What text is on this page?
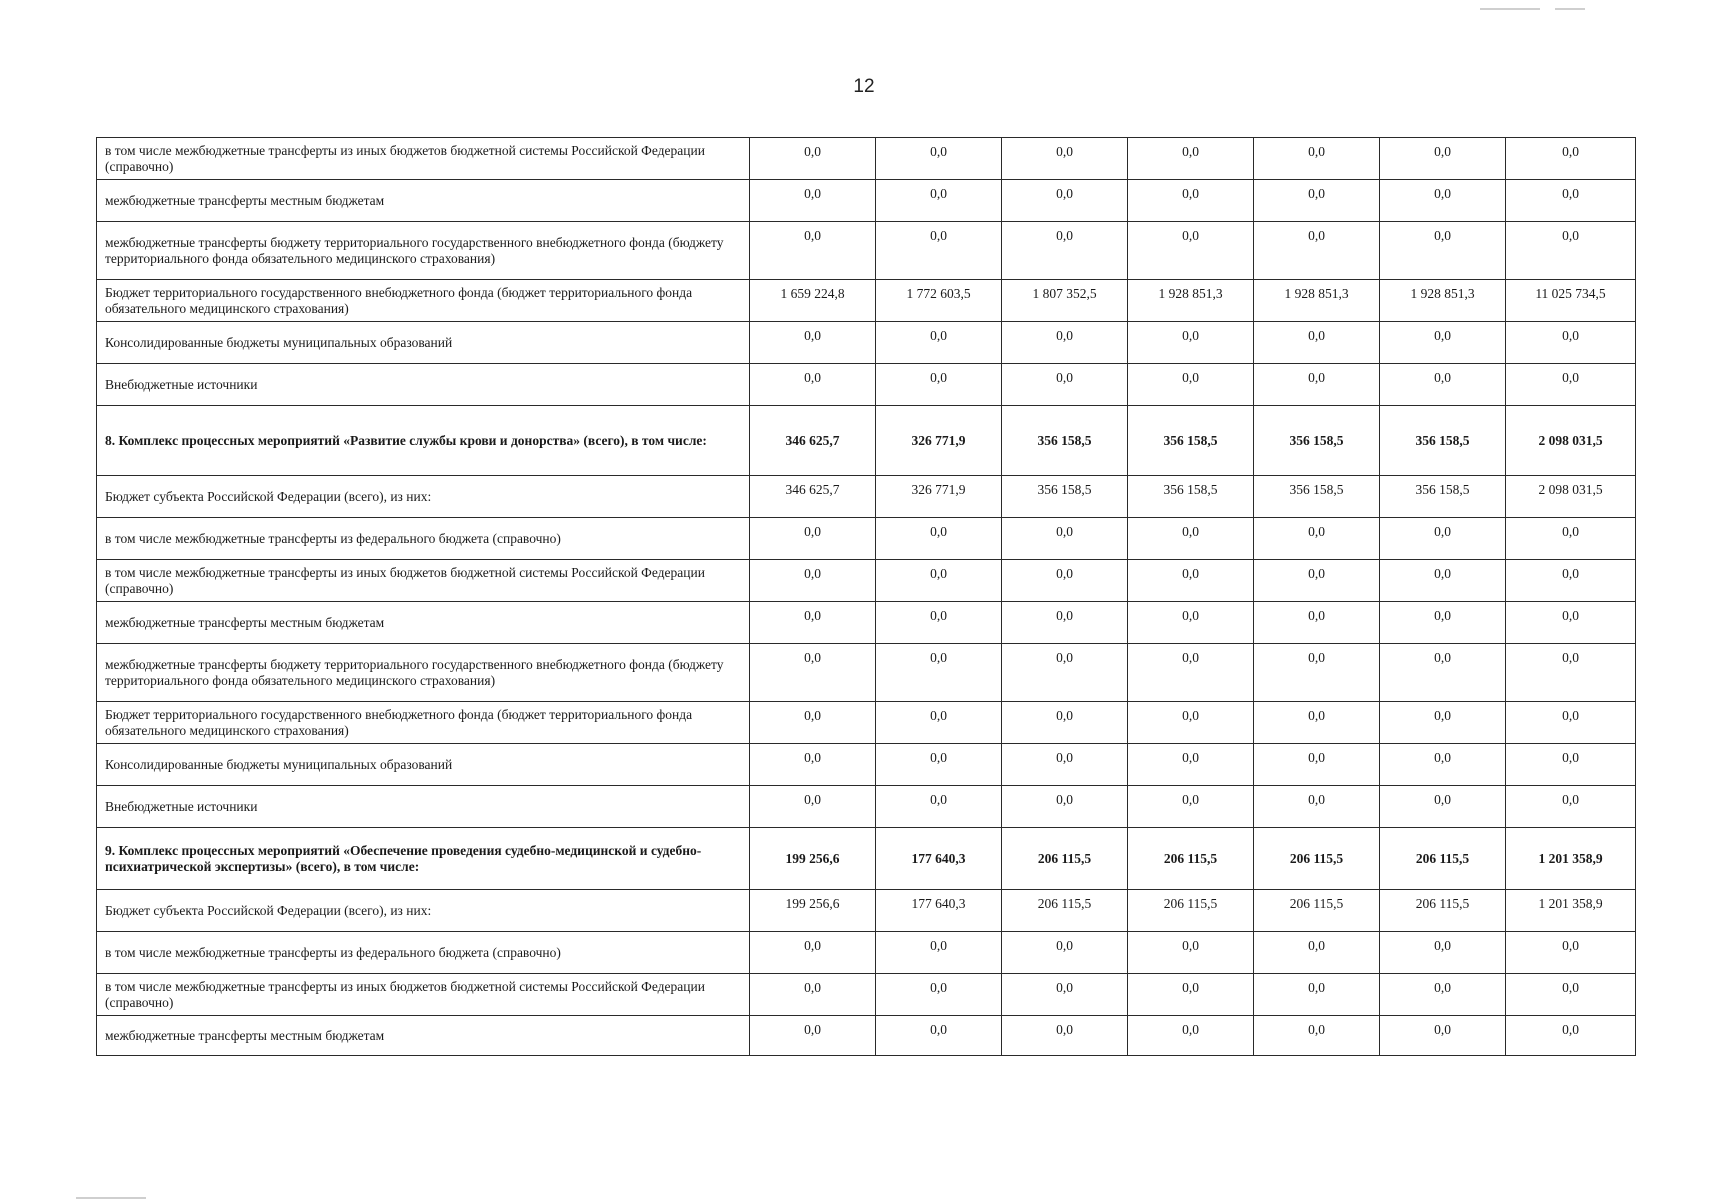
12
в том числе межбюджетные трансферты из иных бюджетов бюджетной системы Российской Федерации (справочно)	0,0	0,0	0,0	0,0	0,0	0,0	0,0
межбюджетные трансферты местным бюджетам	0,0	0,0	0,0	0,0	0,0	0,0	0,0
межбюджетные трансферты бюджету территориального государственного внебюджетного фонда (бюджету территориального фонда обязательного медицинского страхования)	0,0	0,0	0,0	0,0	0,0	0,0	0,0
Бюджет территориального государственного внебюджетного фонда (бюджет территориального фонда обязательного медицинского страхования)	1 659 224,8	1 772 603,5	1 807 352,5	1 928 851,3	1 928 851,3	1 928 851,3	11 025 734,5
Консолидированные бюджеты муниципальных образований	0,0	0,0	0,0	0,0	0,0	0,0	0,0
Внебюджетные источники	0,0	0,0	0,0	0,0	0,0	0,0	0,0
8. Комплекс процессных мероприятий «Развитие службы крови и донорства» (всего), в том числе:	346 625,7	326 771,9	356 158,5	356 158,5	356 158,5	356 158,5	2 098 031,5
Бюджет субъекта Российской Федерации (всего), из них:	346 625,7	326 771,9	356 158,5	356 158,5	356 158,5	356 158,5	2 098 031,5
в том числе межбюджетные трансферты из федерального бюджета (справочно)	0,0	0,0	0,0	0,0	0,0	0,0	0,0
в том числе межбюджетные трансферты из иных бюджетов бюджетной системы Российской Федерации (справочно)	0,0	0,0	0,0	0,0	0,0	0,0	0,0
межбюджетные трансферты местным бюджетам	0,0	0,0	0,0	0,0	0,0	0,0	0,0
межбюджетные трансферты бюджету территориального государственного внебюджетного фонда (бюджету территориального фонда обязательного медицинского страхования)	0,0	0,0	0,0	0,0	0,0	0,0	0,0
Бюджет территориального государственного внебюджетного фонда (бюджет территориального фонда обязательного медицинского страхования)	0,0	0,0	0,0	0,0	0,0	0,0	0,0
Консолидированные бюджеты муниципальных образований	0,0	0,0	0,0	0,0	0,0	0,0	0,0
Внебюджетные источники	0,0	0,0	0,0	0,0	0,0	0,0	0,0
9. Комплекс процессных мероприятий «Обеспечение проведения судебно-медицинской и судебно-психиатрической экспертизы» (всего), в том числе:	199 256,6	177 640,3	206 115,5	206 115,5	206 115,5	206 115,5	1 201 358,9
Бюджет субъекта Российской Федерации (всего), из них:	199 256,6	177 640,3	206 115,5	206 115,5	206 115,5	206 115,5	1 201 358,9
в том числе межбюджетные трансферты из федерального бюджета (справочно)	0,0	0,0	0,0	0,0	0,0	0,0	0,0
в том числе межбюджетные трансферты из иных бюджетов бюджетной системы Российской Федерации (справочно)	0,0	0,0	0,0	0,0	0,0	0,0	0,0
межбюджетные трансферты местным бюджетам	0,0	0,0	0,0	0,0	0,0	0,0	0,0
